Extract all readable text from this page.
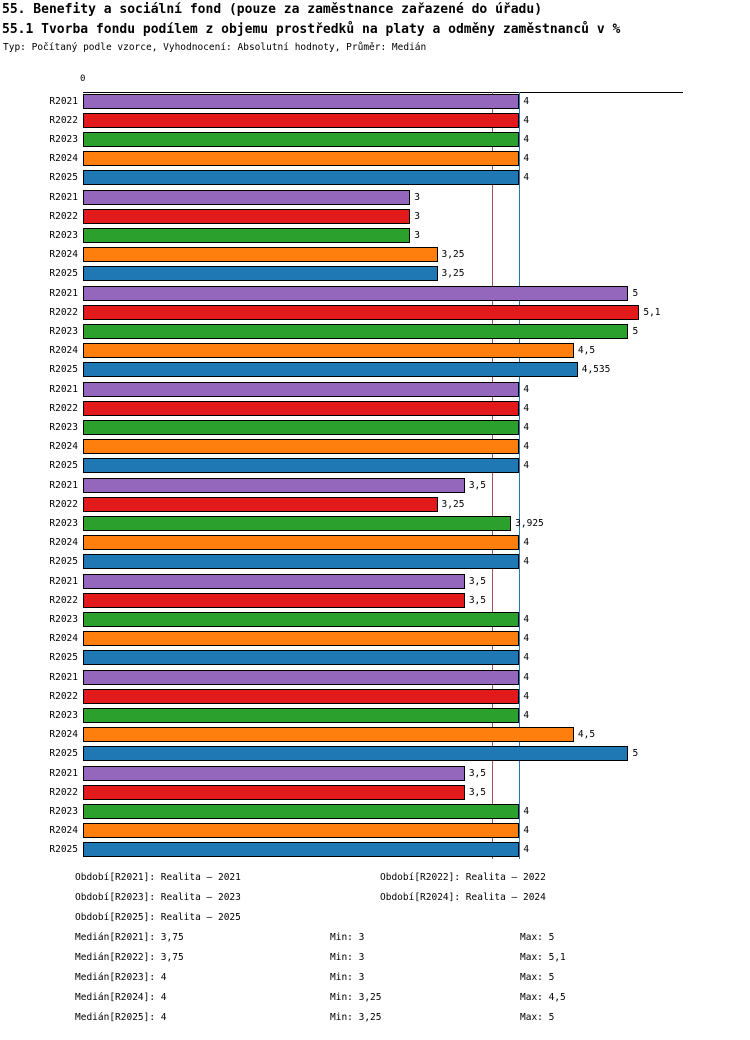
55. Benefity a sociální fond (pouze za zaměstnance zařazené do úřadu)
55.1 Tvorba fondu podílem z objemu prostředků na platy a odměny zaměstnanců v %
Typ: Počítaný podle vzorce, Vyhodnocení: Absolutní hodnoty, Průměr: Medián
0
R2021	4
R2022	4
R2023	4
R2024	4
R2025	4
R2021	3
R2022	3
R2023	3
R2024	3,25
R2025	3,25
R2021	5
R2022	5,1
R2023	5
R2024	4,5
R2025	4,535
R2021	4
R2022	4
R2023	4
R2024	4
R2025	4
R2021	3,5
R2022	3,25
R2023	3,925
R2024	4
R2025	4
R2021	3,5
R2022	3,5
R2023	4
R2024	4
R2025	4
R2021	4
R2022	4
R2023	4
R2024	4,5
R2025	5
R2021	3,5
R2022	3,5
R2023	4
R2024	4
R2025	4
Období[R2021]: Realita – 2021	Období[R2022]: Realita – 2022
Období[R2023]: Realita – 2023	Období[R2024]: Realita – 2024
Období[R2025]: Realita – 2025
Medián[R2021]: 3,75	Min: 3	Max: 5
Medián[R2022]: 3,75	Min: 3	Max: 5,1
Medián[R2023]: 4	Min: 3	Max: 5
Medián[R2024]: 4	Min: 3,25	Max: 4,5
Medián[R2025]: 4	Min: 3,25	Max: 5
